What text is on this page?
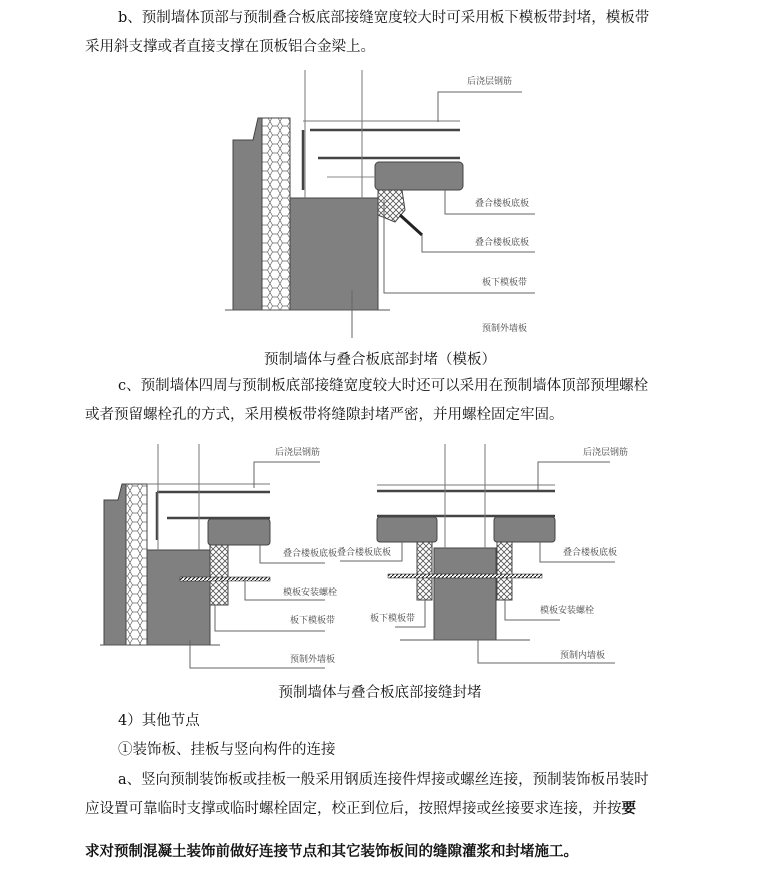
b、预制墙体顶部与预制叠合板底部接缝宽度较大时可采用板下模板带封堵，模板带
采用斜支撑或者直接支撑在顶板铝合金梁上。
后浇层钢筋
叠合楼板底板
叠合楼板底板
板下模板带
预制外墙板
后浇层钢筋
叠合楼板底板
模板安装螺栓
板下模板带
预制外墙板
后浇层钢筋
叠合楼板底板	叠合楼板底板
板下模板带
模板安装螺栓
预制内墙板
预制墙体与叠合板底部封堵（模板）
c、预制墙体四周与预制板底部接缝宽度较大时还可以采用在预制墙体顶部预埋螺栓
或者预留螺栓孔的方式，采用模板带将缝隙封堵严密，并用螺栓固定牢固。
预制墙体与叠合板底部接缝封堵
4）其他节点
①装饰板、挂板与竖向构件的连接
a、竖向预制装饰板或挂板一般采用钢质连接件焊接或螺丝连接，预制装饰板吊装时
应设置可靠临时支撑或临时螺栓固定，校正到位后，按照焊接或丝接要求连接，并按要
求对预制混凝土装饰前做好连接节点和其它装饰板间的缝隙灌浆和封堵施工。
